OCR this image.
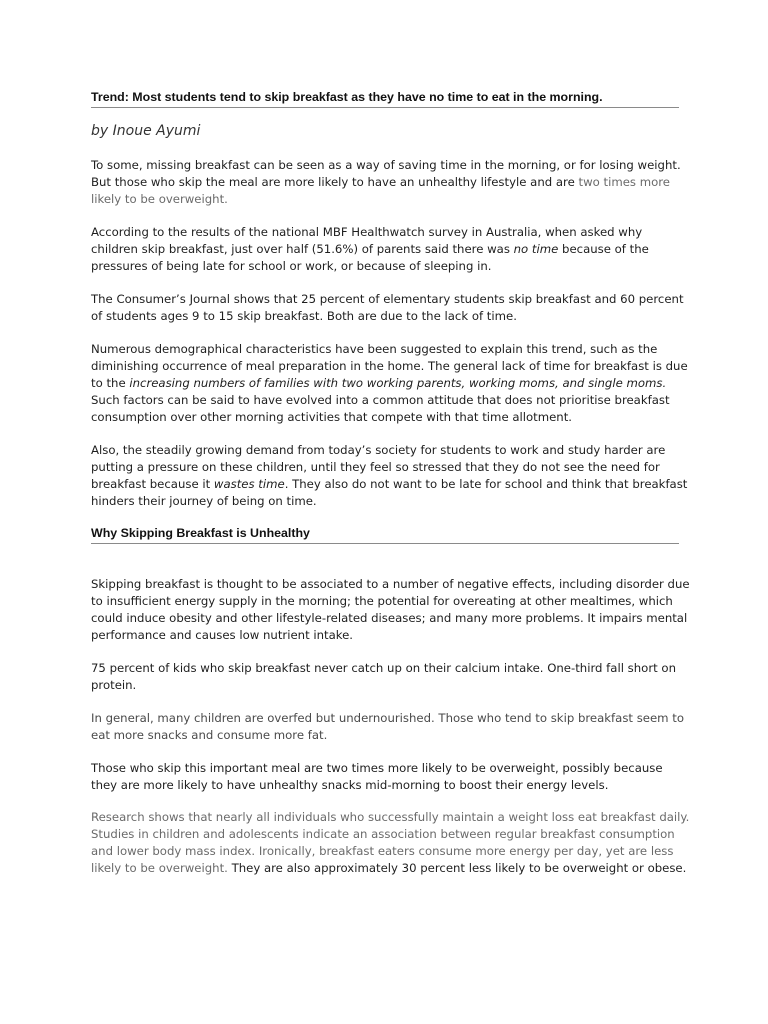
Trend: Most students tend to skip breakfast as they have no time to eat in the morning.
by Inoue Ayumi

To some, missing breakfast can be seen as a way of saving time in the morning, or for losing weight. But those who skip the meal are more likely to have an unhealthy lifestyle and are two times more likely to be overweight.

According to the results of the national MBF Healthwatch survey in Australia, when asked why children skip breakfast, just over half (51.6%) of parents said there was no time because of the pressures of being late for school or work, or because of sleeping in.

The Consumer’s Journal shows that 25 percent of elementary students skip breakfast and 60 percent of students ages 9 to 15 skip breakfast. Both are due to the lack of time.

Numerous demographical characteristics have been suggested to explain this trend, such as the diminishing occurrence of meal preparation in the home. The general lack of time for breakfast is due to the increasing numbers of families with two working parents, working moms, and single moms. Such factors can be said to have evolved into a common attitude that does not prioritise breakfast consumption over other morning activities that compete with that time allotment.

Also, the steadily growing demand from today’s society for students to work and study harder are putting a pressure on these children, until they feel so stressed that they do not see the need for breakfast because it wastes time. They also do not want to be late for school and think that breakfast hinders their journey of being on time.

Why Skipping Breakfast is Unhealthy

Skipping breakfast is thought to be associated to a number of negative effects, including disorder due to insufficient energy supply in the morning; the potential for overeating at other mealtimes, which could induce obesity and other lifestyle-related diseases; and many more problems. It impairs mental performance and causes low nutrient intake.

75 percent of kids who skip breakfast never catch up on their calcium intake. One-third fall short on protein.

In general, many children are overfed but undernourished. Those who tend to skip breakfast seem to eat more snacks and consume more fat.

Those who skip this important meal are two times more likely to be overweight, possibly because they are more likely to have unhealthy snacks mid-morning to boost their energy levels.

Research shows that nearly all individuals who successfully maintain a weight loss eat breakfast daily. Studies in children and adolescents indicate an association between regular breakfast consumption and lower body mass index. Ironically, breakfast eaters consume more energy per day, yet are less likely to be overweight. They are also approximately 30 percent less likely to be overweight or obese.
